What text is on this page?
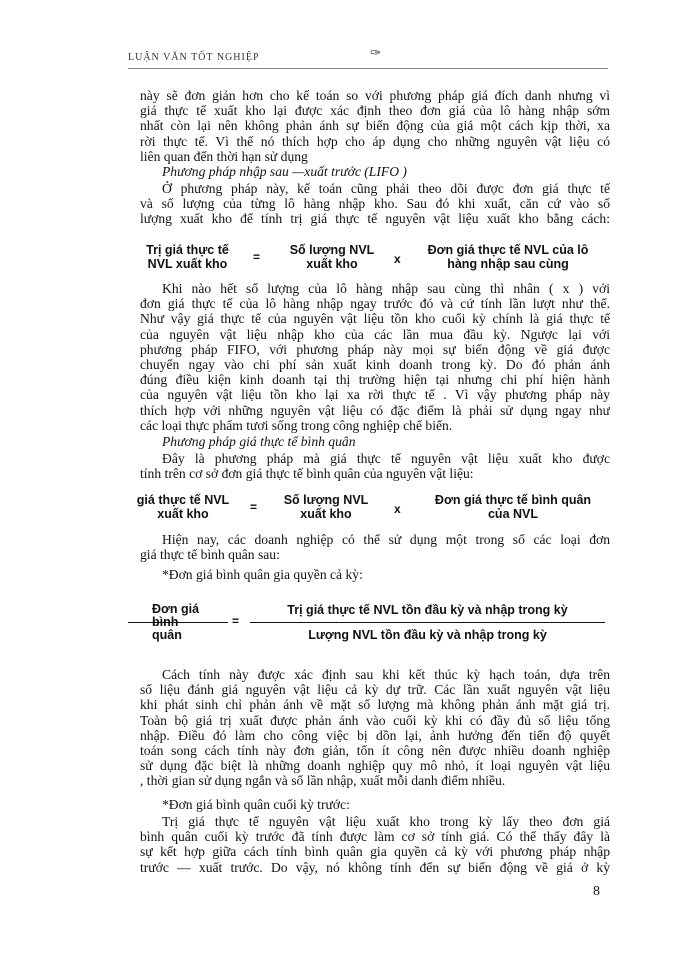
LUẬN VĂN TỐT NGHIỆP	✑
này sẽ đơn giản hơn cho kế toán so với phương pháp giá đích danh nhưng vì
giá thực tế xuất kho lại được xác định theo đơn giá của lô hàng nhập sớm
nhất còn lại nên không phản ánh sự biến động của giá một cách kịp thời, xa
rời thực tế. Vì thế nó thích hợp cho áp dụng cho những nguyên vật liệu có
liên quan đến thời hạn sử dụng
Phương pháp nhập sau —xuất trước (LIFO )
Ở phương pháp này, kế toán cũng phải theo dõi được đơn giá thực tế
và số lượng của từng lô hàng nhập kho. Sau đó khi xuất, căn cứ vào số
lượng xuất kho để tính trị giá thực tế nguyên vật liệu xuất kho bằng cách:
Trị giá thực tế
NVL xuất kho	=	Số lượng NVL
xuất kho	x
Đơn giá thực tế NVL của lô
hàng nhập sau cùng
Khi nào hết số lượng của lô hàng nhập sau cùng thì nhân ( x ) với
đơn giá thực tế của lô hàng nhập ngay trước đó và cứ tính lần lượt như thế.
Như vậy giá thực tế của nguyên vật liệu tồn kho cuối kỳ chính là giá thực tế
của nguyên vật liệu nhập kho của các lần mua đầu kỳ. Ngược lại với
phương pháp FIFO, với phương pháp này mọi sự biến động về giá được
chuyển ngay vào chi phí sản xuất kinh doanh trong kỳ. Do đó phản ánh
đúng điều kiện kinh doanh tại thị trường hiện tại nhưng chi phí hiện hành
của nguyên vật liệu tồn kho lại xa rời thực tế . Vì vậy phương pháp này
thích hợp với những nguyên vật liệu có đặc điểm là phải sử dụng ngay như
các loại thực phẩm tươi sống trong công nghiệp chế biến.
Phương pháp giá thực tế bình quân
Đây là phương pháp mà giá thực tế nguyên vật liệu xuất kho được
tính trên cơ sở đơn giá thực tế bình quân của nguyên vật liệu:
giá thực tế NVL
xuất kho	=	Số lượng NVL
xuất kho	x
Đơn giá thực tế bình quân
của NVL
Hiện nay, các doanh nghiệp có thể sử dụng một trong số các loại đơn
giá thực tế bình quân sau:
*Đơn giá bình quân gia quyền cả kỳ:
Đơn giá
bình
quân
=
Trị giá thực tế NVL tồn đầu kỳ và nhập trong kỳ
Lượng NVL tồn đầu kỳ và nhập trong kỳ
Cách tính này được xác định sau khi kết thúc kỳ hạch toán, dựa trên
số liệu đánh giá nguyên vật liệu cả kỳ dự trữ. Các lần xuất nguyên vật liệu
khi phát sinh chỉ phản ánh về mặt số lượng mà không phản ánh mặt giá trị.
Toàn bộ giá trị xuất được phản ánh vào cuối kỳ khi có đầy đủ số liệu tổng
nhập. Điều đó làm cho công việc bị dồn lại, ảnh hưởng đến tiến độ quyết
toán song cách tính này đơn giản, tốn ít công nên được nhiều doanh nghiệp
sử dụng đặc biệt là những doanh nghiệp quy mô nhỏ, ít loại nguyên vật liệu
, thời gian sử dụng ngắn và số lần nhập, xuất mỗi danh điểm nhiều.
*Đơn giá bình quân cuối kỳ trước:
Trị giá thực tế nguyên vật liệu xuất kho trong kỳ lấy theo đơn giá
bình quân cuối kỳ trước đã tính được làm cơ sở tính giá. Có thể thấy đây là
sự kết hợp giữa cách tính bình quân gia quyền cả kỳ với phương pháp nhập
trước — xuất trước. Do vậy, nó không tính đến sự biến động về giá ở kỳ
8
